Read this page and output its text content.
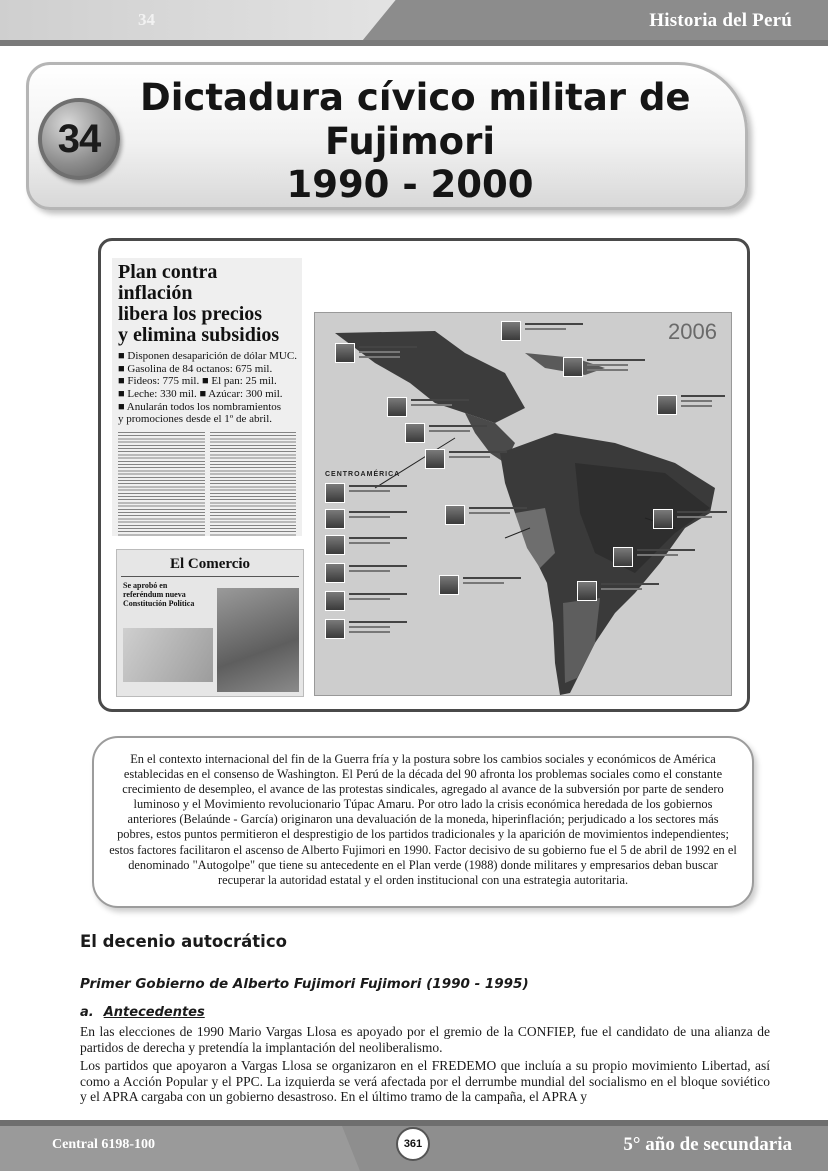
34	Historia del Perú
34
Dictadura cívico militar de
Fujimori
1990 - 2000
Plan contra inflación
libera los precios
y elimina subsidios
■ Disponen desaparición de dólar MUC.
■ Gasolina de 84 octanos: 675 mil.
■ Fideos: 775 mil. ■ El pan: 25 mil.
■ Leche: 330 mil. ■ Azúcar: 300 mil.
■ Anularán todos los nombramientos
y promociones desde el 1º de abril.
El Comercio
Se aprobó en referéndum nueva Constitución Política
2006
CENTROAMÉRICA

En el contexto internacional del fin de la Guerra fría y la postura sobre los cambios sociales y económicos de América establecidas en el consenso de Washington. El Perú de la década del 90 afronta los problemas sociales como el constante crecimiento de desempleo, el avance de las protestas sindicales, agregado al avance de la subversión por parte de sendero luminoso y el Movimiento revolucionario Túpac Amaru. Por otro lado la crisis económica heredada de los gobiernos anteriores (Belaúnde - García) originaron una devaluación de la moneda, hiperinflación; perjudicado a los sectores más pobres, estos puntos permitieron el desprestigio de los partidos tradicionales y la aparición de movimientos independientes; estos factores facilitaron el ascenso de Alberto Fujimori en 1990. Factor decisivo de su gobierno fue el 5 de abril de 1992 en el denominado "Autogolpe" que tiene su antecedente en el Plan verde (1988) donde militares y empresarios deban buscar recuperar la autoridad estatal y el orden institucional con una estrategia autoritaria.

El decenio autocrático
Primer Gobierno de Alberto Fujimori Fujimori (1990 - 1995)
a. Antecedentes

En las elecciones de 1990 Mario Vargas Llosa es apoyado por el gremio de la CONFIEP, fue el candidato de una alianza de partidos de derecha y pretendía la implantación del neoliberalismo.

Los partidos que apoyaron a Vargas Llosa se organizaron en el FREDEMO que incluía a su propio movimiento Libertad, así como a Acción Popular y el PPC. La izquierda se verá afectada por el derrumbe mundial del socialismo en el bloque soviético y el APRA cargaba con un gobierno desastroso. En el último tramo de la campaña, el APRA y

Central 6198-100	361	5° año de secundaria
